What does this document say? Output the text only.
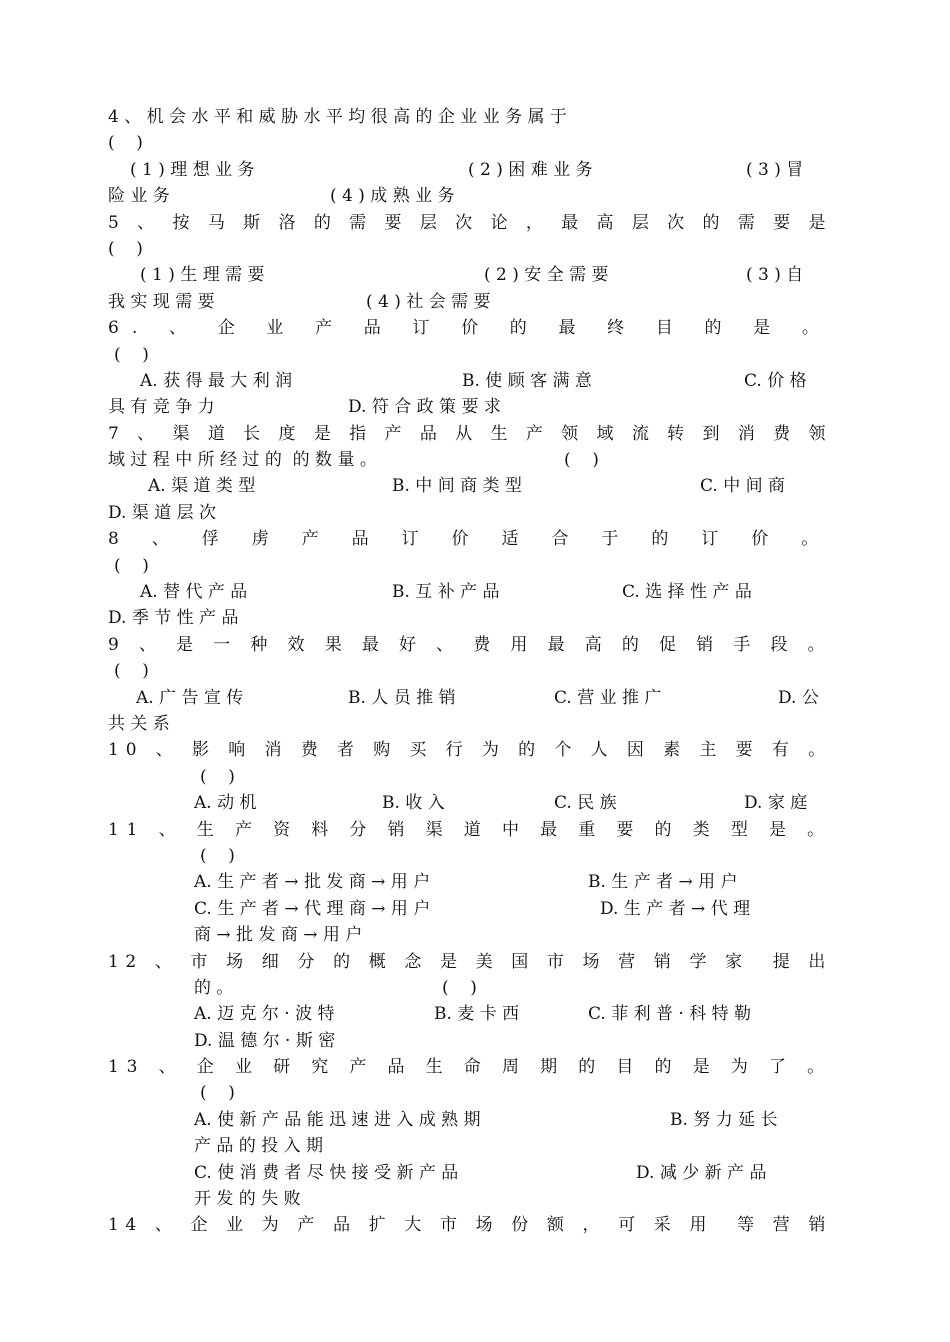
4 、 机 会 水 平 和 威 胁 水 平 均 很 高 的 企 业 业 务 属 于
(    )
( 1 ) 理 想 业 务	( 2 ) 困 难 业 务	( 3 ) 冒
险 业 务	( 4 ) 成 熟 业 务
5 、 按 马 斯 洛 的 需 要 层 次 论 ， 最 高 层 次 的 需 要 是
(    )
( 1 ) 生 理 需 要	( 2 ) 安 全 需 要	( 3 ) 自
我 实 现 需 要	( 4 ) 社 会 需 要
6. 、 企 业 产 品 订 价 的 最 终 目 的 是 。
(    )
A. 获 得 最 大 利 润	B. 使 顾 客 满 意	C. 价 格
具 有 竞 争 力	D. 符 合 政 策 要 求
7 、 渠 道 长 度 是 指 产 品 从 生 产 领 域 流 转 到 消 费 领
域 过 程 中 所 经 过 的  的 数 量 。	(    )
A. 渠 道 类 型	B. 中 间 商 类 型	C. 中 间 商
D. 渠 道 层 次
8 、 俘 虏 产 品 订 价 适 合 于 的 订 价 。
(    )
A. 替 代 产 品	B. 互 补 产 品	C. 选 择 性 产 品
D. 季 节 性 产 品
9 、 是 一 种 效 果 最 好 、 费 用 最 高 的 促 销 手 段 。
(    )
A. 广 告 宣 传	B. 人 员 推 销	C. 营 业 推 广	D. 公
共 关 系
10 、 影 响 消 费 者 购 买 行 为 的 个 人 因 素 主 要 有 。
(    )
A. 动 机	B. 收 入	C. 民 族	D. 家 庭
11 、 生 产 资 料 分 销 渠 道 中 最 重 要 的 类 型 是 。
(    )
A. 生 产 者 → 批 发 商 → 用 户	B. 生 产 者 → 用 户
C. 生 产 者 → 代 理 商 → 用 户	D. 生 产 者 → 代 理
商 → 批 发 商 → 用 户
12 、 市 场 细 分 的 概 念 是 美 国 市 场 营 销 学 家  提 出
的 。	(    )
A. 迈 克 尔 · 波 特	B. 麦 卡 西	C. 菲 利 普 · 科 特 勒
D. 温 德 尔 · 斯 密
13 、 企 业 研 究 产 品 生 命 周 期 的 目 的 是 为 了 。
(    )
A. 使 新 产 品 能 迅 速 进 入 成 熟 期	B. 努 力 延 长
产 品 的 投 入 期
C. 使 消 费 者 尽 快 接 受 新 产 品	D. 减 少 新 产 品
开 发 的 失 败
14 、 企 业 为 产 品 扩 大 市 场 份 额 ， 可 采 用  等 营 销
